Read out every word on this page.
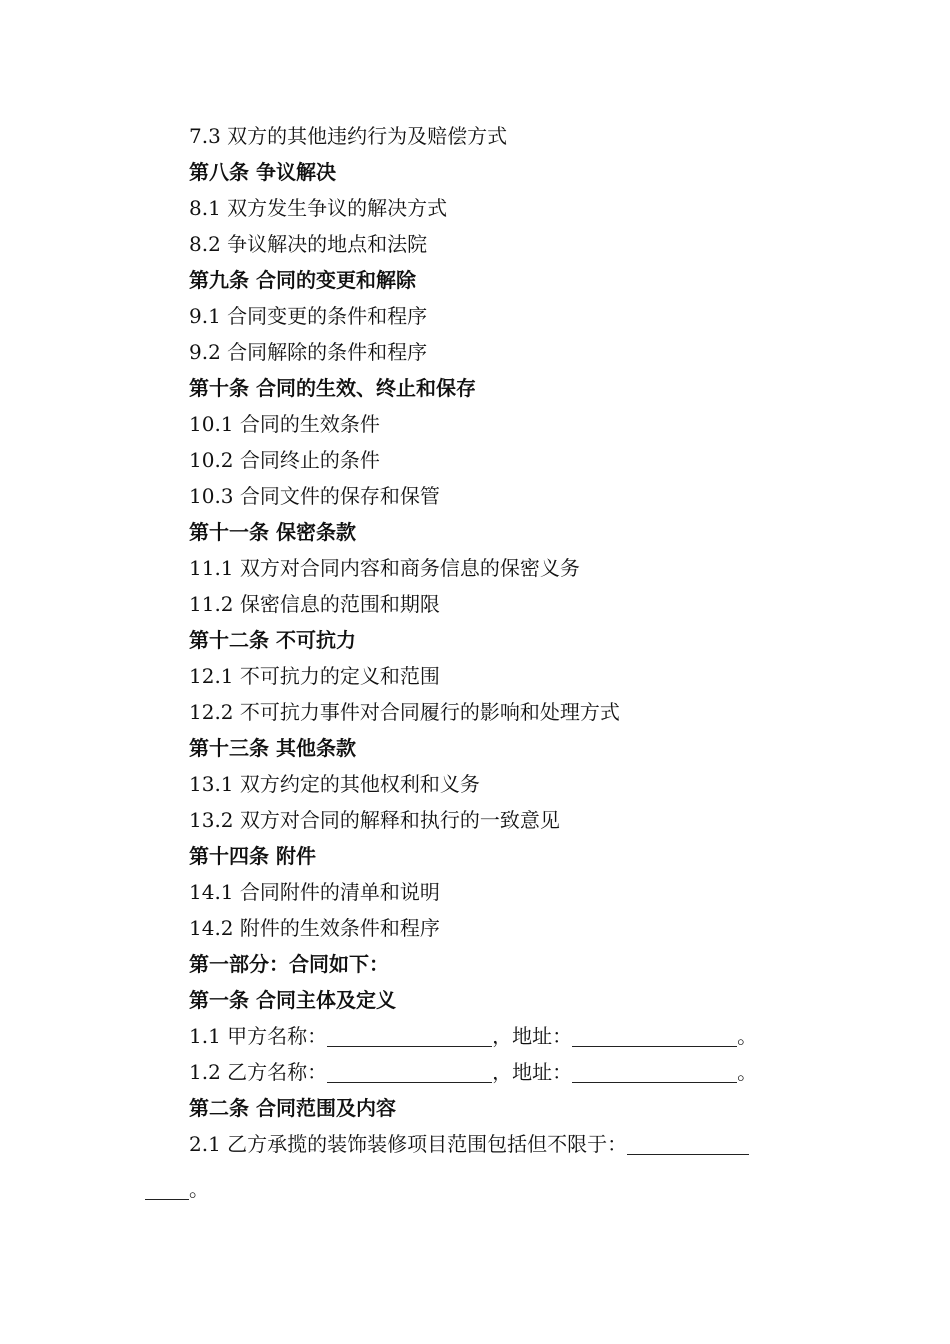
7.3 双方的其他违约行为及赔偿方式
第八条 争议解决
8.1 双方发生争议的解决方式
8.2 争议解决的地点和法院
第九条 合同的变更和解除
9.1 合同变更的条件和程序
9.2 合同解除的条件和程序
第十条 合同的生效、终止和保存
10.1 合同的生效条件
10.2 合同终止的条件
10.3 合同文件的保存和保管
第十一条 保密条款
11.1 双方对合同内容和商务信息的保密义务
11.2 保密信息的范围和期限
第十二条 不可抗力
12.1 不可抗力的定义和范围
12.2 不可抗力事件对合同履行的影响和处理方式
第十三条 其他条款
13.1 双方约定的其他权利和义务
13.2 双方对合同的解释和执行的一致意见
第十四条 附件
14.1 合同附件的清单和说明
14.2 附件的生效条件和程序
第一部分：合同如下：
第一条 合同主体及定义
1.1 甲方名称：	，地址：	。
1.2 乙方名称：	，地址：	。
第二条 合同范围及内容
2.1 乙方承揽的装饰装修项目范围包括但不限于：
。
